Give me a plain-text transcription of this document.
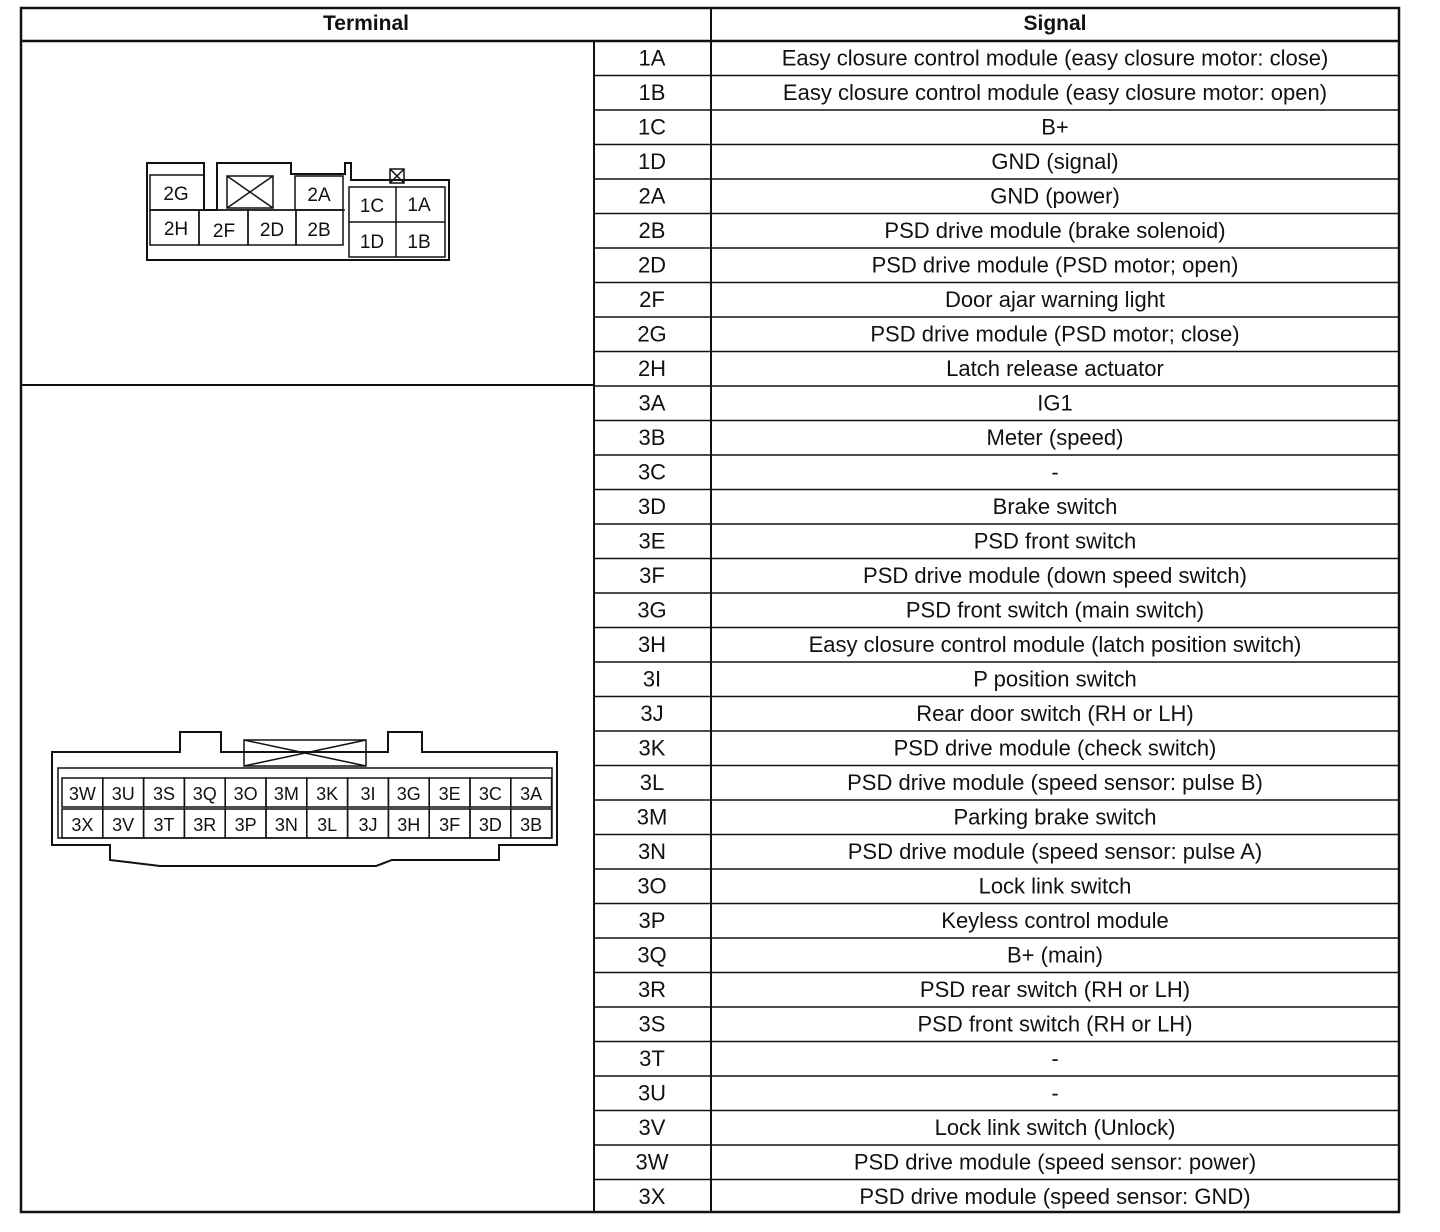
Terminal	Signal
1A	Easy closure control module (easy closure motor: close)
1B	Easy closure control module (easy closure motor: open)
1C	B+
1D	GND (signal)
2A	GND (power)
2B	PSD drive module (brake solenoid)
2D	PSD drive module (PSD motor; open)
2F	Door ajar warning light
2G	PSD drive module (PSD motor; close)
2H	Latch release actuator
3A	IG1
3B	Meter (speed)
3C	-
3D	Brake switch
3E	PSD front switch
3F	PSD drive module (down speed switch)
3G	PSD front switch (main switch)
3H	Easy closure control module (latch position switch)
3I	P position switch
3J	Rear door switch (RH or LH)
3K	PSD drive module (check switch)
3L	PSD drive module (speed sensor: pulse B)
3M	Parking brake switch
3N	PSD drive module (speed sensor: pulse A)
3O	Lock link switch
3P	Keyless control module
3Q	B+ (main)
3R	PSD rear switch (RH or LH)
3S	PSD front switch (RH or LH)
3T	-
3U	-
3V	Lock link switch (Unlock)
3W	PSD drive module (speed sensor: power)
3X	PSD drive module (speed sensor: GND)
2G	2A
2H 2F 2D 2B
1C 1A
1D 1B
3W 3U 3S 3Q 3O 3M 3K 3I 3G 3E 3C 3A
3X 3V 3T 3R 3P 3N 3L 3J 3H 3F 3D 3B
